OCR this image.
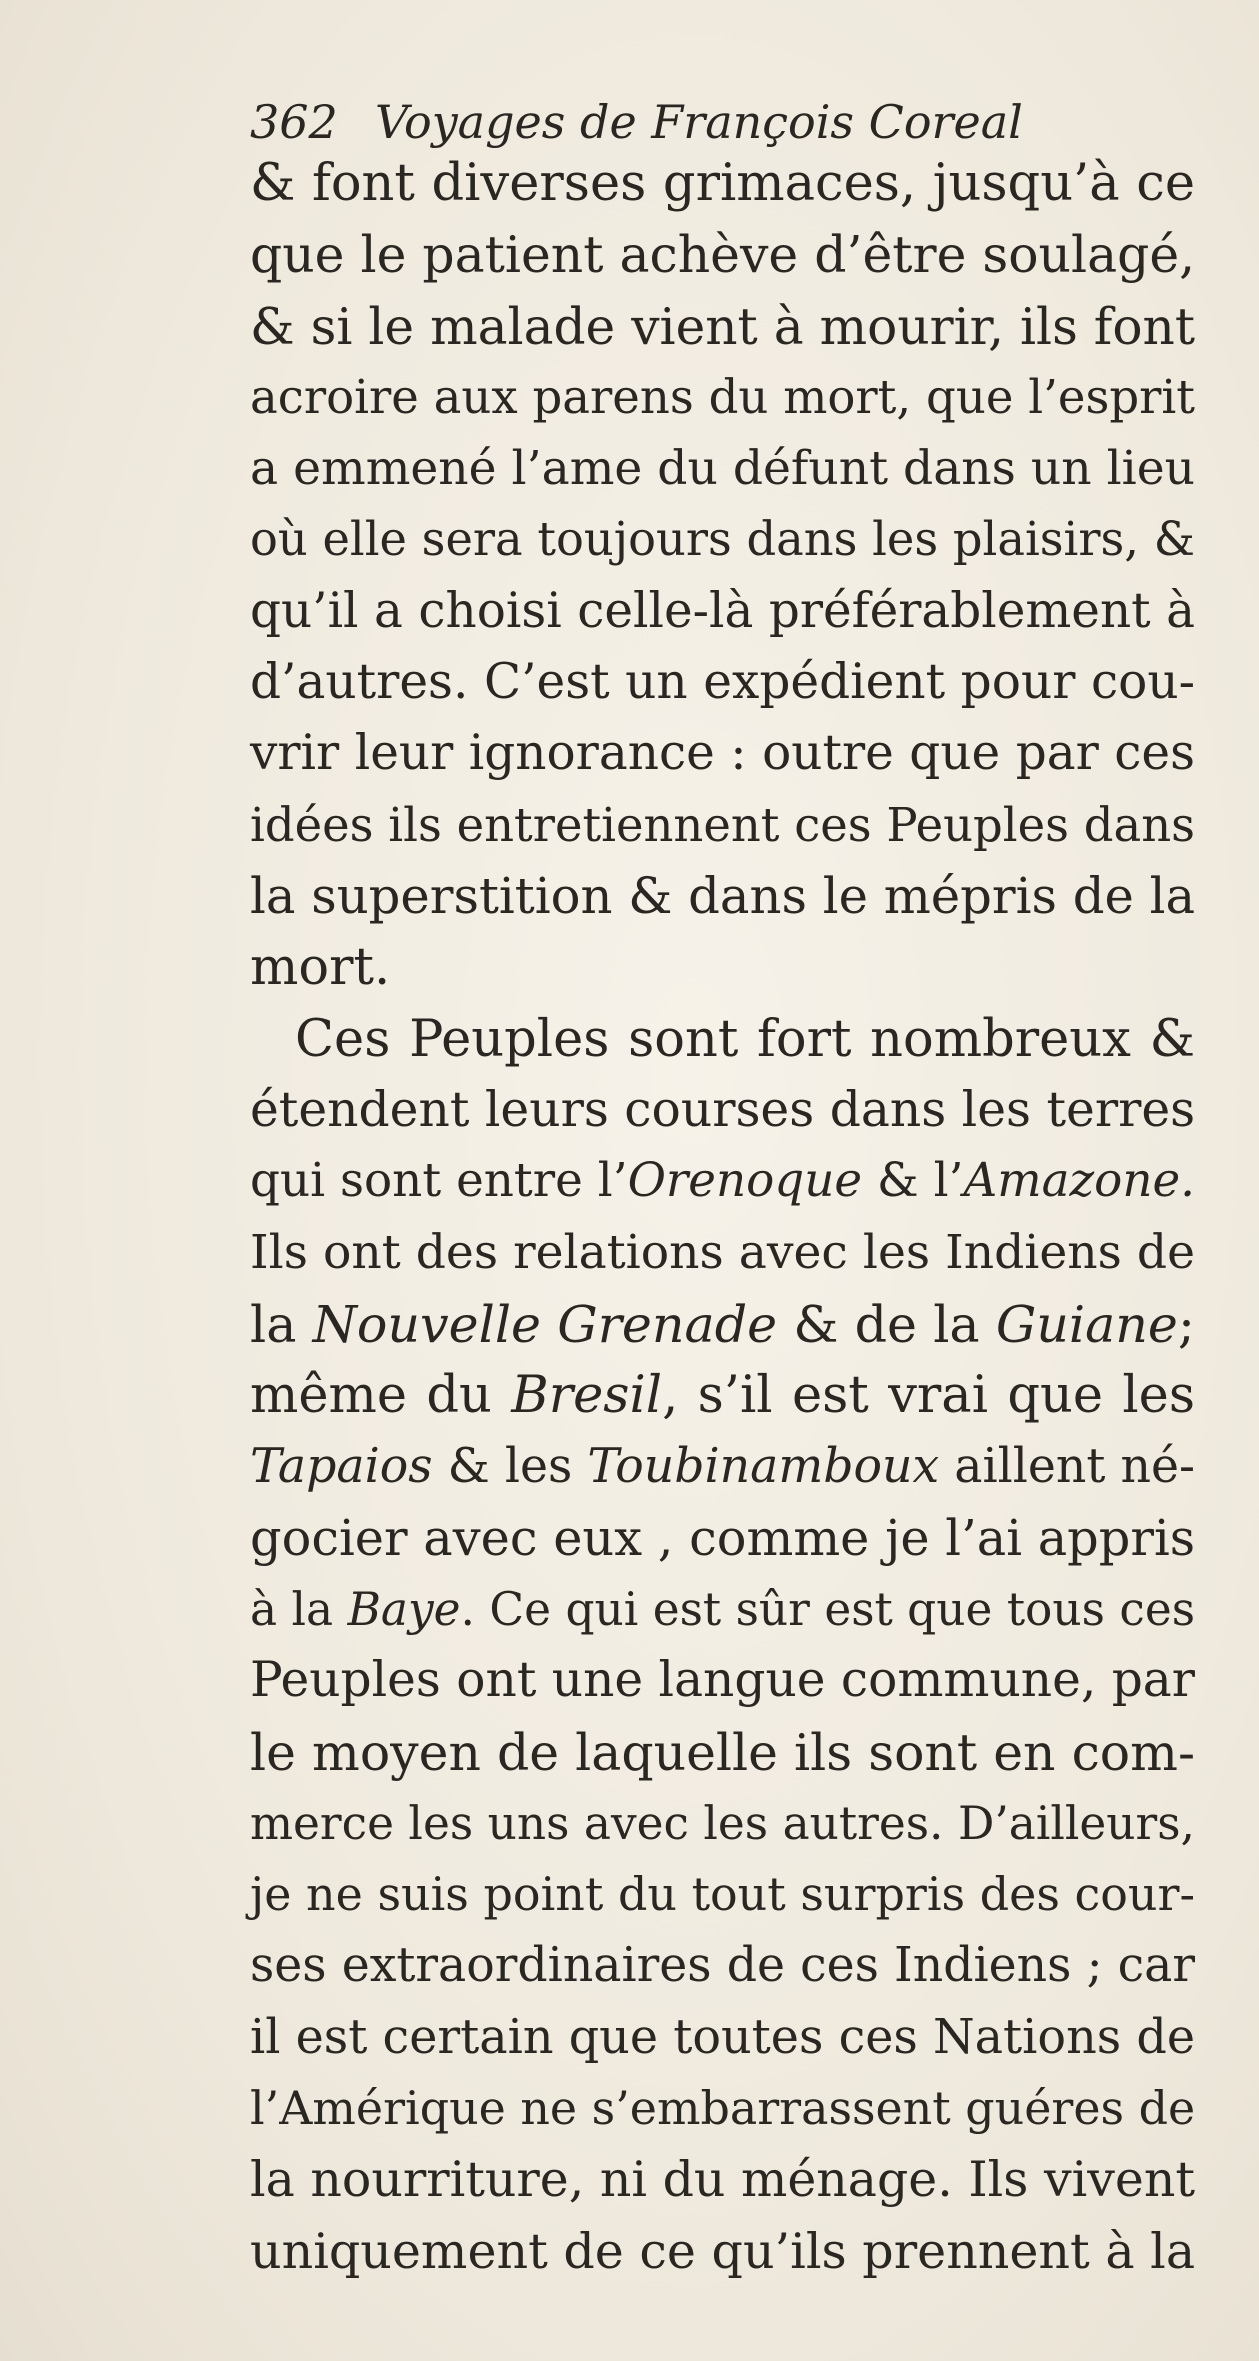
362 Voyages de François Coreal
& font diverses grimaces, jusqu’à ce
que le patient achève d’être soulagé,
& si le malade vient à mourir, ils font
acroire aux parens du mort, que l’esprit
a emmené l’ame du défunt dans un lieu
où elle sera toujours dans les plaisirs, &
qu’il a choisi celle-là préférablement à
d’autres. C’est un expédient pour cou-
vrir leur ignorance : outre que par ces
idées ils entretiennent ces Peuples dans
la superstition & dans le mépris de la
mort.
Ces Peuples sont fort nombreux &
étendent leurs courses dans les terres
qui sont entre l’Orenoque & l’Amazone.
Ils ont des relations avec les Indiens de
la Nouvelle Grenade & de la Guiane;
même du Bresil, s’il est vrai que les
Tapaios & les Toubinamboux aillent né-
gocier avec eux , comme je l’ai appris
à la Baye. Ce qui est sûr est que tous ces
Peuples ont une langue commune, par
le moyen de laquelle ils sont en com-
merce les uns avec les autres. D’ailleurs,
je ne suis point du tout surpris des cour-
ses extraordinaires de ces Indiens ; car
il est certain que toutes ces Nations de
l’Amérique ne s’embarrassent guéres de
la nourriture, ni du ménage. Ils vivent
uniquement de ce qu’ils prennent à la
